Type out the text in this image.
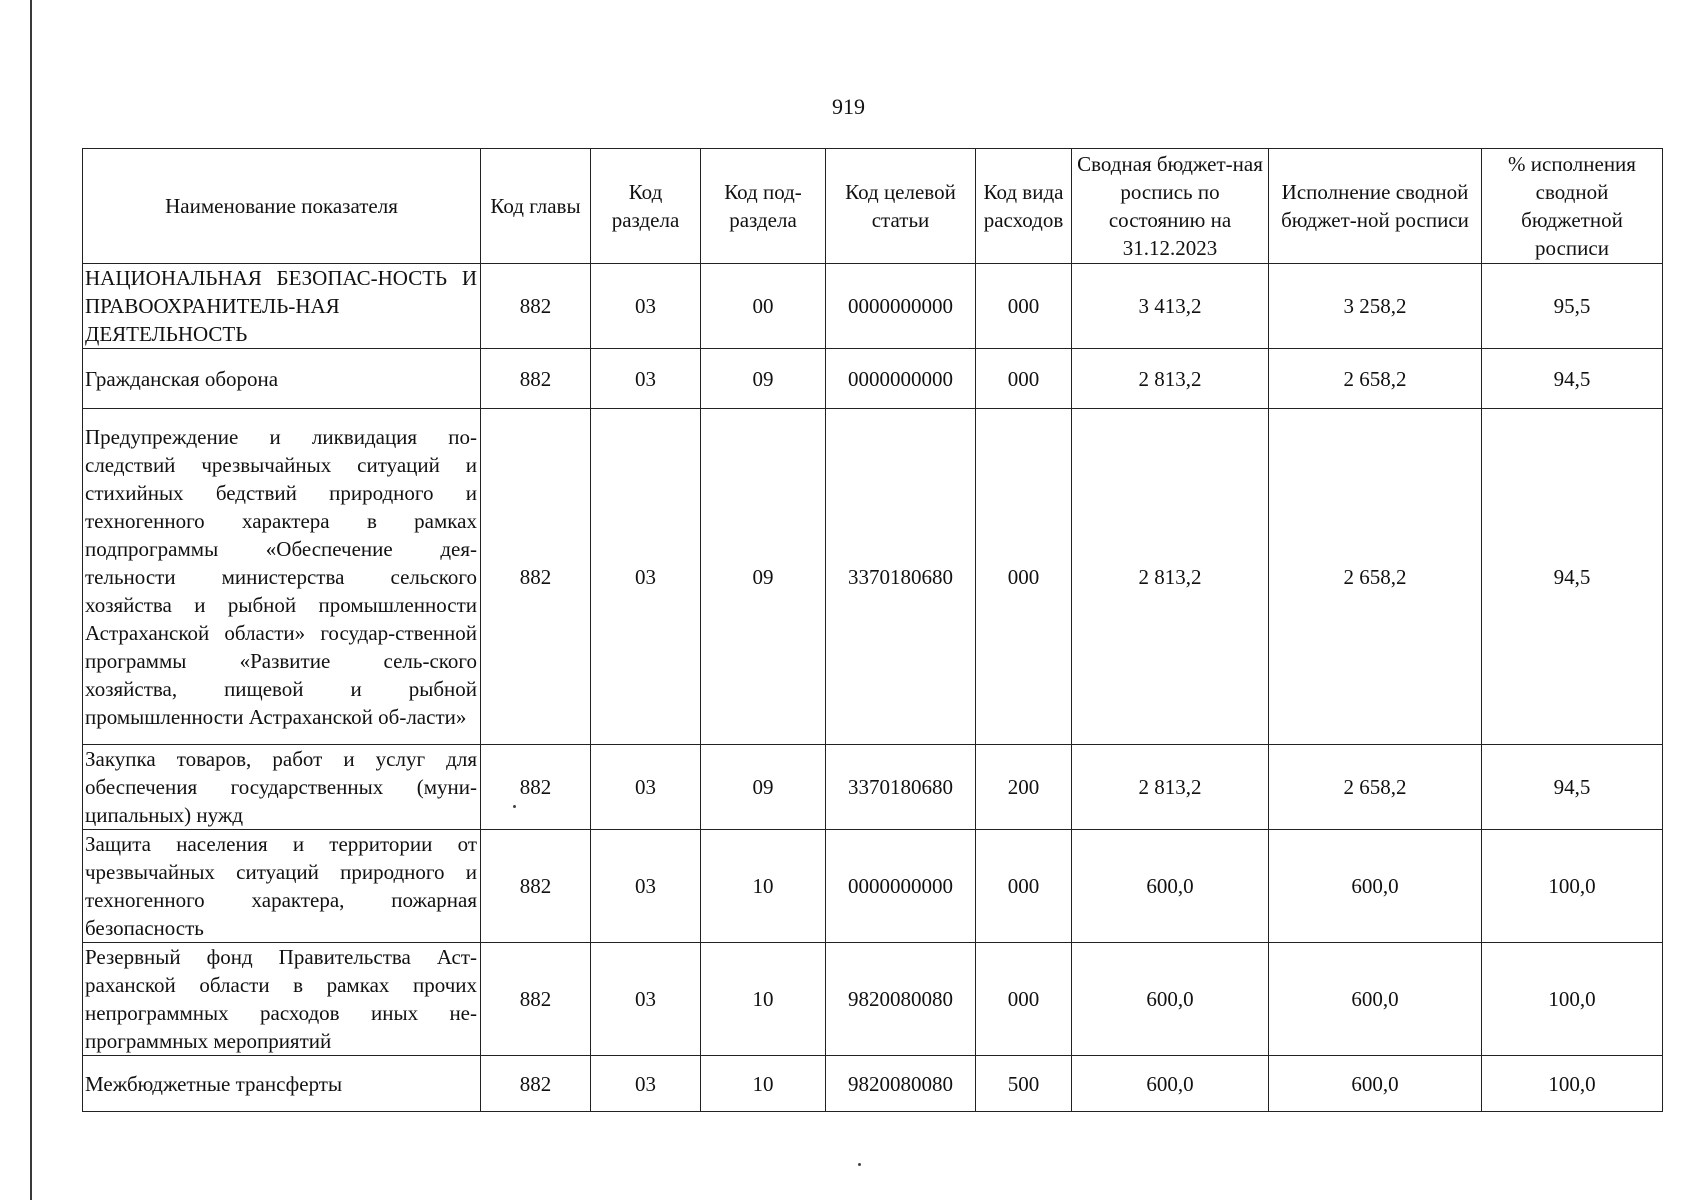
919
Наименование показателя	Код главы	Код раздела	Код под-раздела	Код целевой статьи	Код вида расходов	Сводная бюджет-ная роспись по состоянию на 31.12.2023	Исполнение сводной бюджет-ной росписи	% исполнения сводной бюджетной росписи
НАЦИОНАЛЬНАЯ БЕЗОПАС-НОСТЬ И ПРАВООХРАНИТЕЛЬ-НАЯ ДЕЯТЕЛЬНОСТЬ	882	03	00	0000000000	000	3 413,2	3 258,2	95,5
Гражданская оборона	882	03	09	0000000000	000	2 813,2	2 658,2	94,5
Предупреждение и ликвидация по-следствий чрезвычайных ситуаций и стихийных бедствий природного и техногенного характера в рамках подпрограммы «Обеспечение дея-тельности министерства сельского хозяйства и рыбной промышленности Астраханской области» государ-ственной программы «Развитие сель-ского хозяйства, пищевой и рыбной промышленности Астраханской об-ласти»	882	03	09	3370180680	000	2 813,2	2 658,2	94,5
Закупка товаров, работ и услуг для обеспечения государственных (муни-ципальных) нужд	882	03	09	3370180680	200	2 813,2	2 658,2	94,5
Защита населения и территории от чрезвычайных ситуаций природного и техногенного характера, пожарная безопасность	882	03	10	0000000000	000	600,0	600,0	100,0
Резервный фонд Правительства Аст-раханской области в рамках прочих непрограммных расходов иных не-программных мероприятий	882	03	10	9820080080	000	600,0	600,0	100,0
Межбюджетные трансферты	882	03	10	9820080080	500	600,0	600,0	100,0
